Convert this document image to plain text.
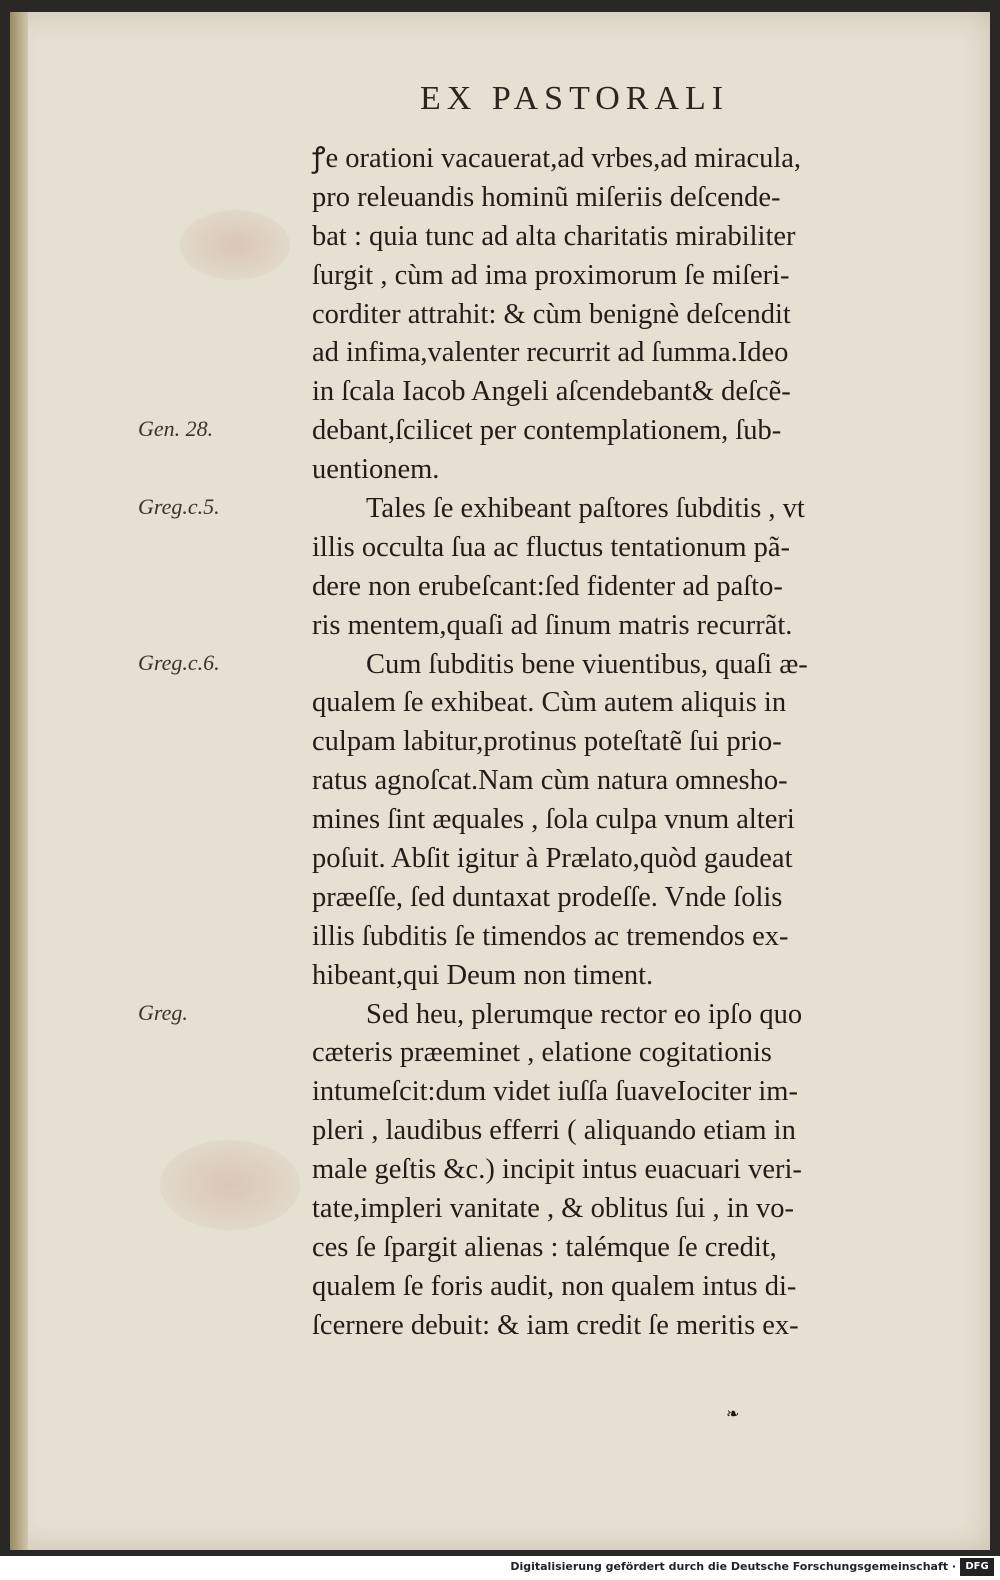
EX PASTORALI
ꝭe orationi vacauerat,ad vrbes,ad miracula,
pro releuandis hominũ miſeriis deſcende-
bat : quia tunc ad alta charitatis mirabiliter
ſurgit , cùm ad ima proximorum ſe miſeri-
corditer attrahit: & cùm benignè deſcendit
ad infima,valenter recurrit ad ſumma.Ideo
in ſcala Iacob Angeli aſcendebant& deſcẽ-
debant,ſcilicet per contemplationem, ſub-
uentionem.
Tales ſe exhibeant paſtores ſubditis , vt
illis occulta ſua ac fluctus tentationum pã-
dere non erubeſcant:ſed fidenter ad paſto-
ris mentem,quaſi ad ſinum matris recurrãt.
Cum ſubditis bene viuentibus, quaſi æ-
qualem ſe exhibeat. Cùm autem aliquis in
culpam labitur,protinus poteſtatẽ ſui prio-
ratus agnoſcat.Nam cùm natura omnesho-
mines ſint æquales , ſola culpa vnum alteri
poſuit. Abſit igitur à Prælato,quòd gaudeat
præeſſe, ſed duntaxat prodeſſe. Vnde ſolis
illis ſubditis ſe timendos ac tremendos ex-
hibeant,qui Deum non timent.
Sed heu, plerumque rector eo ipſo quo
cæteris præeminet , elatione cogitationis
intumeſcit:dum videt iuſſa ſuaveIociter im-
pleri , laudibus efferri ( aliquando etiam in
male geſtis &c.) incipit intus euacuari veri-
tate,impleri vanitate , & oblitus ſui , in vo-
ces ſe ſpargit alienas : talémque ſe credit,
qualem ſe foris audit, non qualem intus di-
ſcernere debuit: & iam credit ſe meritis ex-
Gen. 28.
Greg.c.5.
Greg.c.6.
Greg.
❧
Digitalisierung gefördert durch die Deutsche Forschungsgemeinschaft · DFG
